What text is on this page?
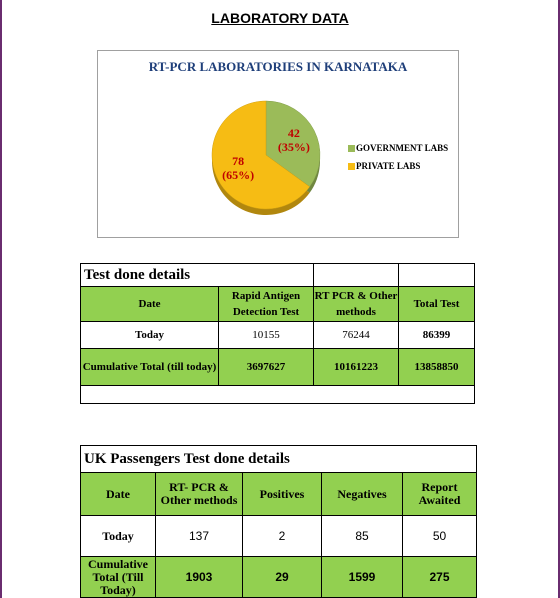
LABORATORY DATA
RT-PCR LABORATORIES IN KARNATAKA
42
(35%)
78
(65%)
GOVERNMENT LABS
PRIVATE LABS
Test done details			
Date	Rapid Antigen Detection Test	RT PCR & Other methods	Total Test
Today	10155	76244	86399
Cumulative Total (till today)	3697627	10161223	13858850

UK Passengers Test done details				
Date	RT- PCR & Other methods	Positives	Negatives	Report Awaited
Today	137	2	85	50
Cumulative Total (Till Today)	1903	29	1599	275
